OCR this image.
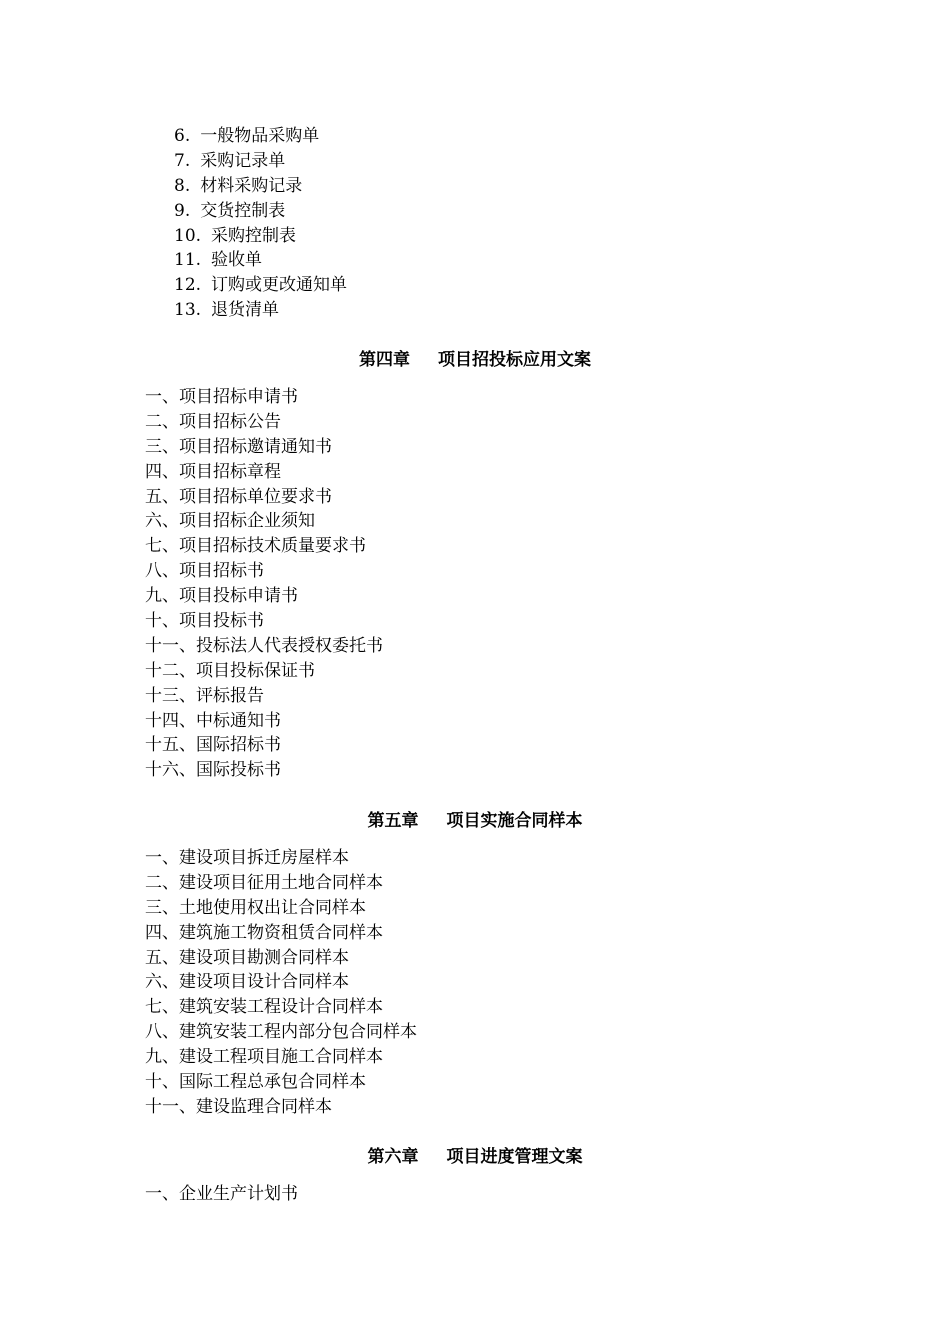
6. 一般物品采购单
7. 采购记录单
8. 材料采购记录
9. 交货控制表
10. 采购控制表
11. 验收单
12. 订购或更改通知单
13. 退货清单
第四章 项目招投标应用文案
一、项目招标申请书
二、项目招标公告
三、项目招标邀请通知书
四、项目招标章程
五、项目招标单位要求书
六、项目招标企业须知
七、项目招标技术质量要求书
八、项目招标书
九、项目投标申请书
十、项目投标书
十一、投标法人代表授权委托书
十二、项目投标保证书
十三、评标报告
十四、中标通知书
十五、国际招标书
十六、国际投标书
第五章 项目实施合同样本
一、建设项目拆迁房屋样本
二、建设项目征用土地合同样本
三、土地使用权出让合同样本
四、建筑施工物资租赁合同样本
五、建设项目勘测合同样本
六、建设项目设计合同样本
七、建筑安装工程设计合同样本
八、建筑安装工程内部分包合同样本
九、建设工程项目施工合同样本
十、国际工程总承包合同样本
十一、建设监理合同样本
第六章 项目进度管理文案
一、企业生产计划书
